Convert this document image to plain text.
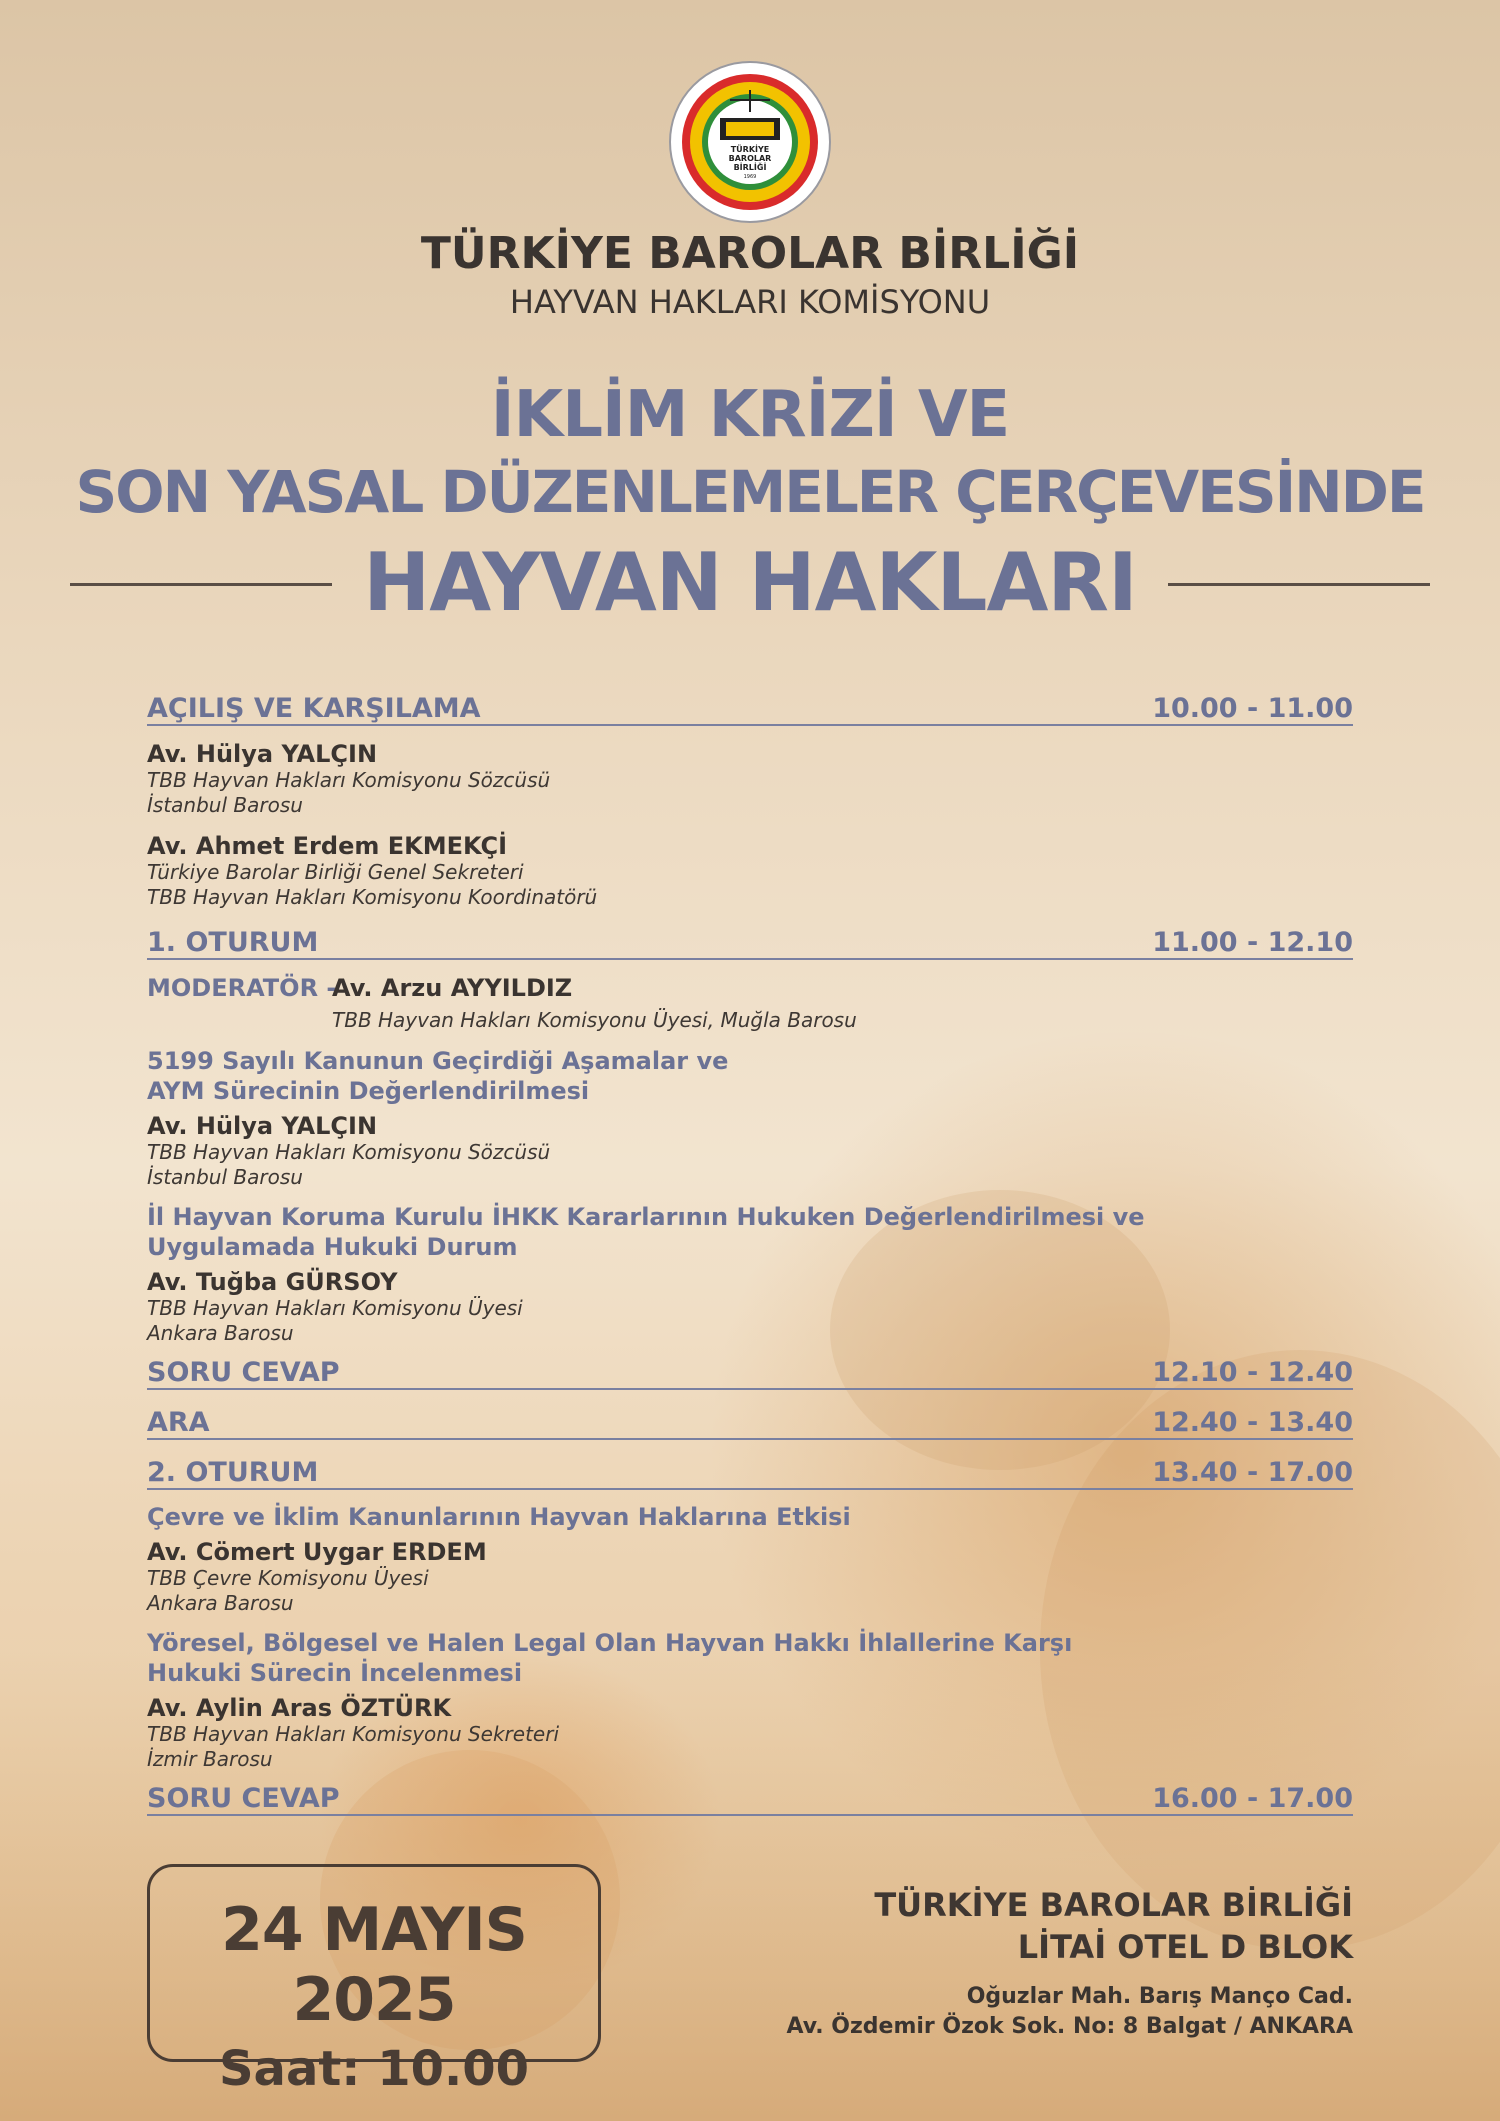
TÜRKİYE
BAROLAR
BİRLİĞİ
1969
TÜRKİYE BAROLAR BİRLİĞİ
HAYVAN HAKLARI KOMİSYONU
İKLİM KRİZİ VE
SON YASAL DÜZENLEMELER ÇERÇEVESİNDE
HAYVAN HAKLARI
AÇILIŞ VE KARŞILAMA	10.00 - 11.00
Av. Hülya YALÇIN
TBB Hayvan Hakları Komisyonu Sözcüsü
İstanbul Barosu
Av. Ahmet Erdem EKMEKÇİ
Türkiye Barolar Birliği Genel Sekreteri
TBB Hayvan Hakları Komisyonu Koordinatörü
1. OTURUM	11.00 - 12.10
MODERATÖR -
Av. Arzu AYYILDIZ
TBB Hayvan Hakları Komisyonu Üyesi, Muğla Barosu
5199 Sayılı Kanunun Geçirdiği Aşamalar ve
AYM Sürecinin Değerlendirilmesi
Av. Hülya YALÇIN
TBB Hayvan Hakları Komisyonu Sözcüsü
İstanbul Barosu
İl Hayvan Koruma Kurulu İHKK Kararlarının Hukuken Değerlendirilmesi ve
Uygulamada Hukuki Durum
Av. Tuğba GÜRSOY
TBB Hayvan Hakları Komisyonu Üyesi
Ankara Barosu
SORU CEVAP	12.10 - 12.40
ARA	12.40 - 13.40
2. OTURUM	13.40 - 17.00
Çevre ve İklim Kanunlarının Hayvan Haklarına Etkisi
Av. Cömert Uygar ERDEM
TBB Çevre Komisyonu Üyesi
Ankara Barosu
Yöresel, Bölgesel ve Halen Legal Olan Hayvan Hakkı İhlallerine Karşı
Hukuki Sürecin İncelenmesi
Av. Aylin Aras ÖZTÜRK
TBB Hayvan Hakları Komisyonu Sekreteri
İzmir Barosu
SORU CEVAP	16.00 - 17.00
24 MAYIS 2025
Saat: 10.00
TÜRKİYE BAROLAR BİRLİĞİ
LİTAİ OTEL D BLOK
Oğuzlar Mah. Barış Manço Cad.
Av. Özdemir Özok Sok. No: 8 Balgat / ANKARA
